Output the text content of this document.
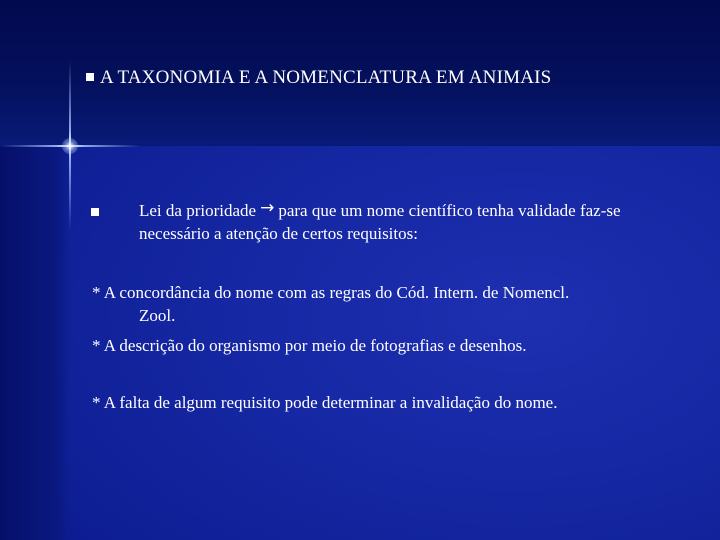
A TAXONOMIA E A NOMENCLATURA EM ANIMAIS
Lei da prioridade → para que um nome científico tenha validade faz-se necessário a atenção de certos requisitos:
* A concordância do nome com as regras do Cód. Intern. de Nomencl.
Zool.
* A descrição do organismo por meio de fotografias e desenhos.
* A falta de algum requisito pode determinar a invalidação do nome.
